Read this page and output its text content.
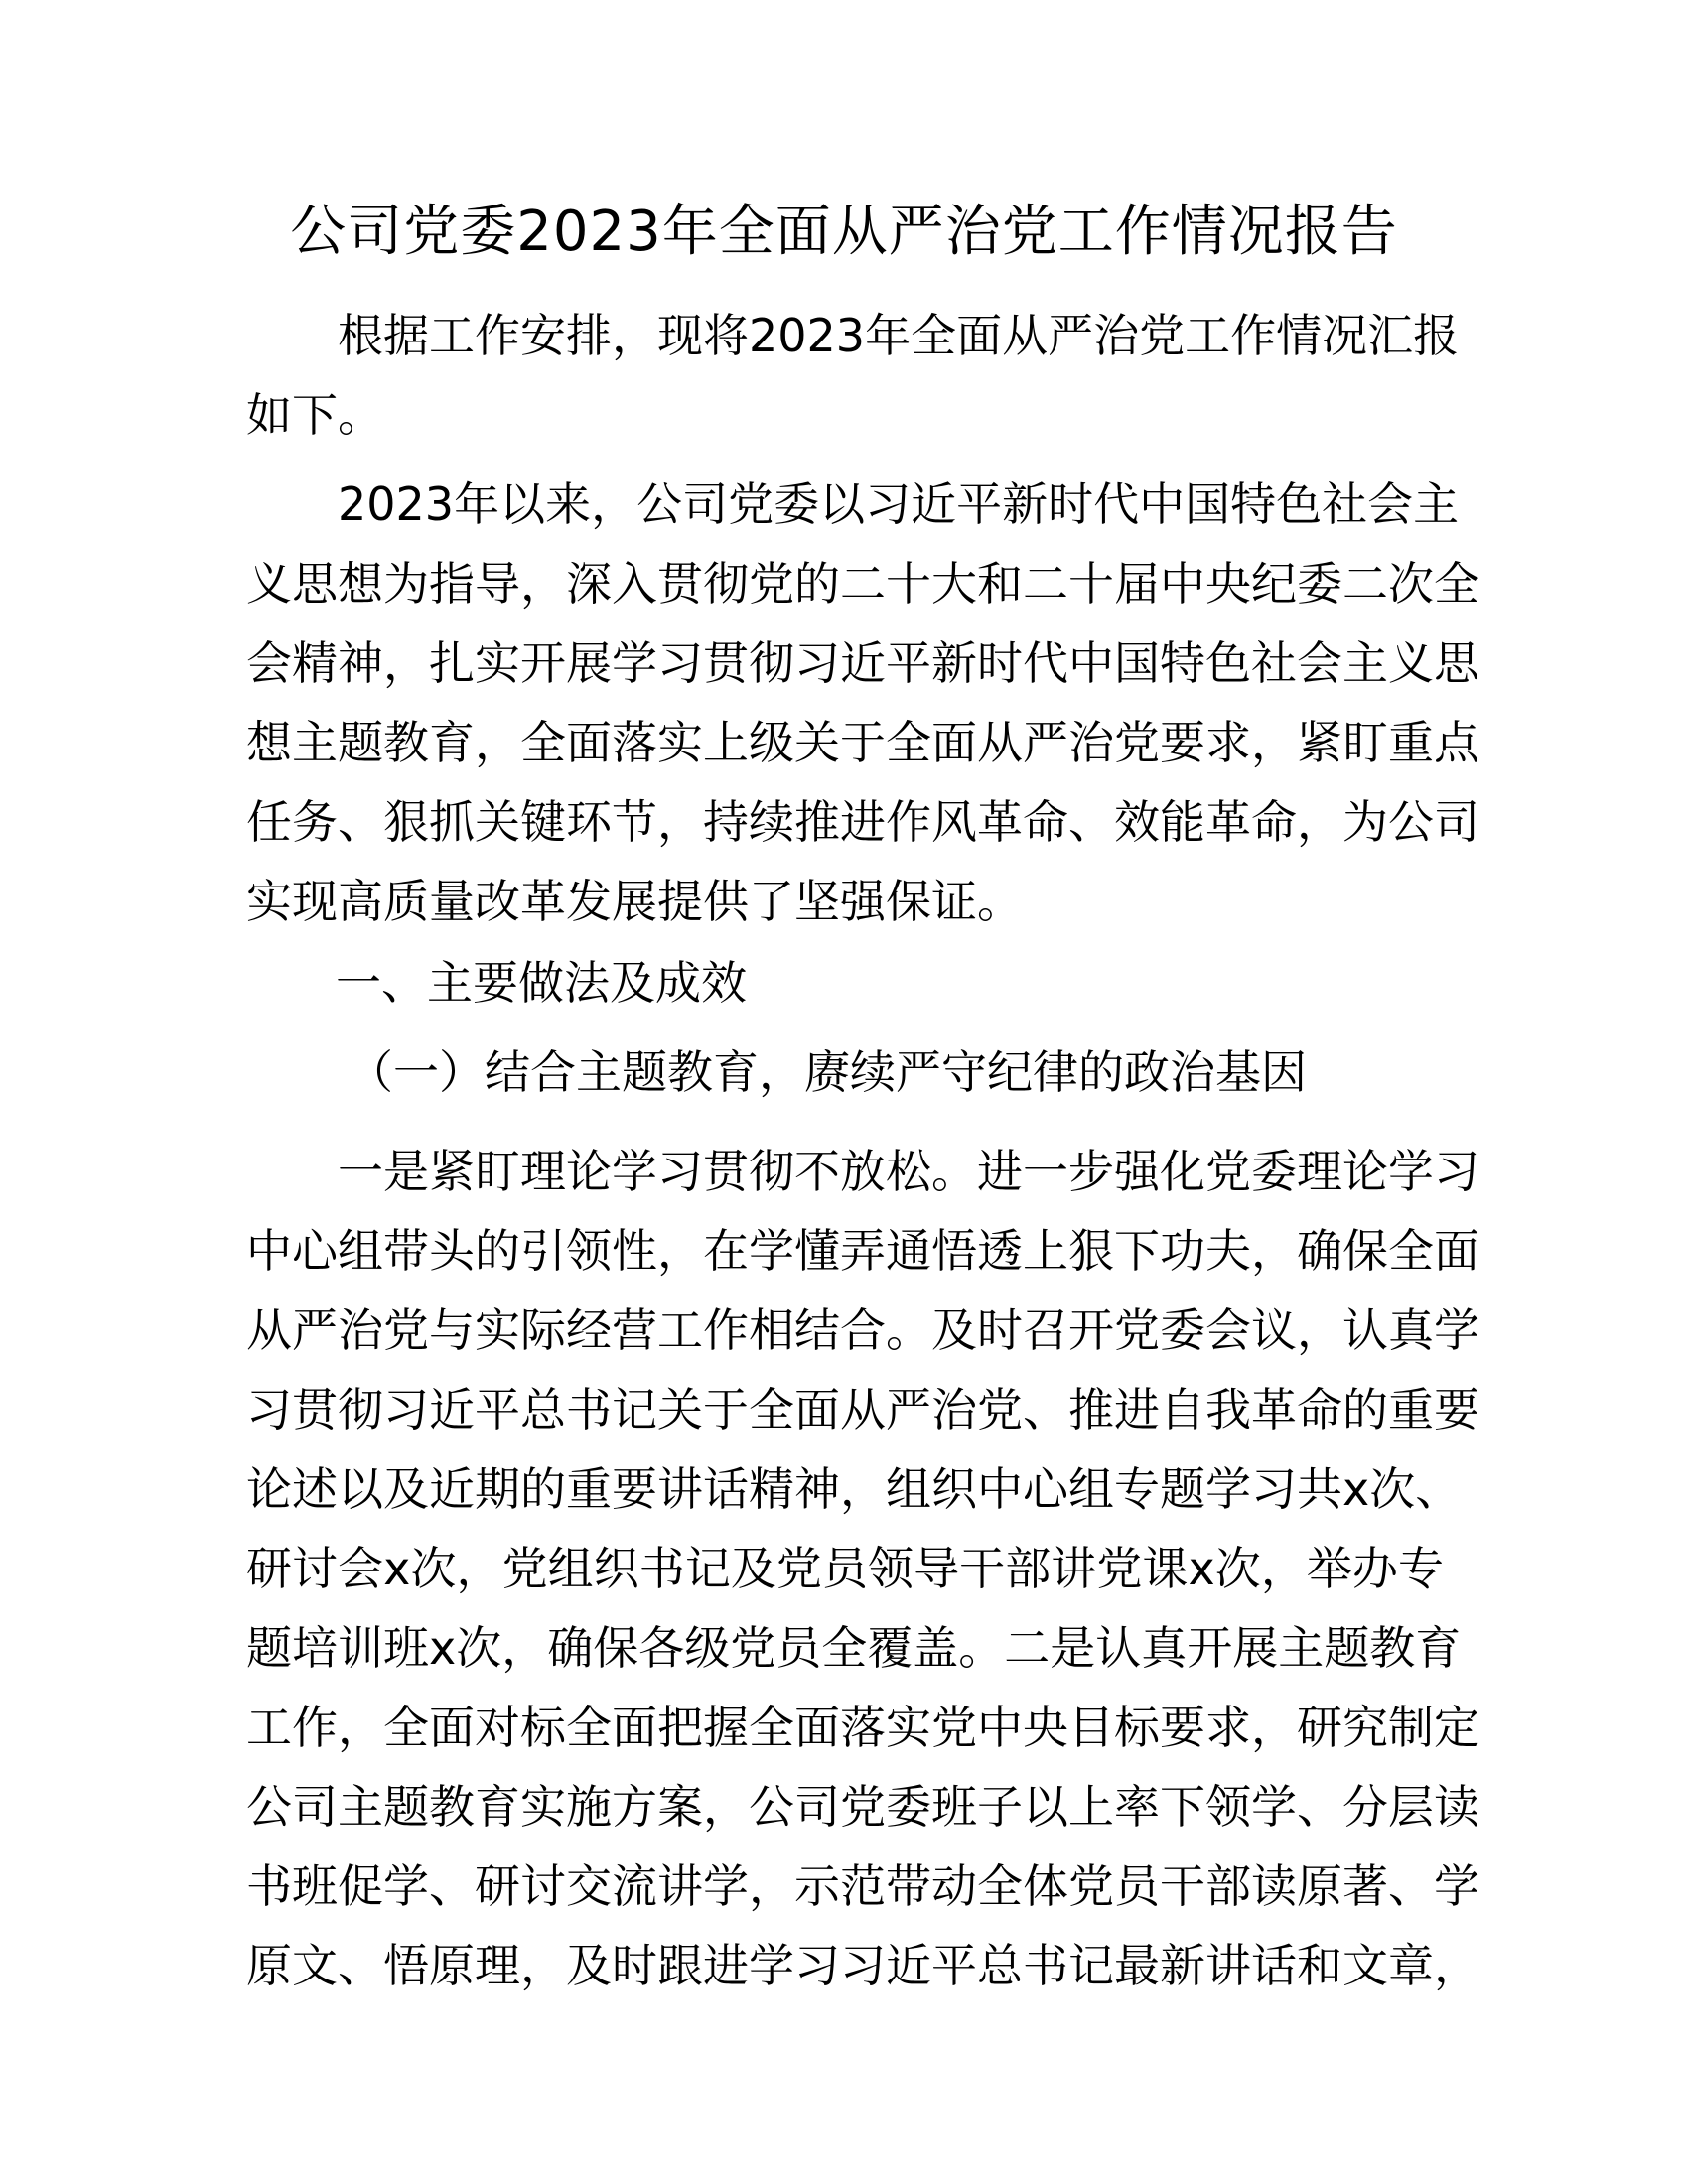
公司党委2023年全面从严治党工作情况报告
根据工作安排，现将2023年全面从严治党工作情况汇报
如下。
2023年以来，公司党委以习近平新时代中国特色社会主
义思想为指导，深入贯彻党的二十大和二十届中央纪委二次全
会精神，扎实开展学习贯彻习近平新时代中国特色社会主义思
想主题教育，全面落实上级关于全面从严治党要求，紧盯重点
任务、狠抓关键环节，持续推进作风革命、效能革命，为公司
实现高质量改革发展提供了坚强保证。
一、主要做法及成效
（一）结合主题教育，赓续严守纪律的政治基因
一是紧盯理论学习贯彻不放松。进一步强化党委理论学习
中心组带头的引领性，在学懂弄通悟透上狠下功夫，确保全面
从严治党与实际经营工作相结合。及时召开党委会议，认真学
习贯彻习近平总书记关于全面从严治党、推进自我革命的重要
论述以及近期的重要讲话精神，组织中心组专题学习共x次、
研讨会x次，党组织书记及党员领导干部讲党课x次，举办专
题培训班x次，确保各级党员全覆盖。二是认真开展主题教育
工作，全面对标全面把握全面落实党中央目标要求，研究制定
公司主题教育实施方案，公司党委班子以上率下领学、分层读
书班促学、研讨交流讲学，示范带动全体党员干部读原著、学
原文、悟原理，及时跟进学习习近平总书记最新讲话和文章，
